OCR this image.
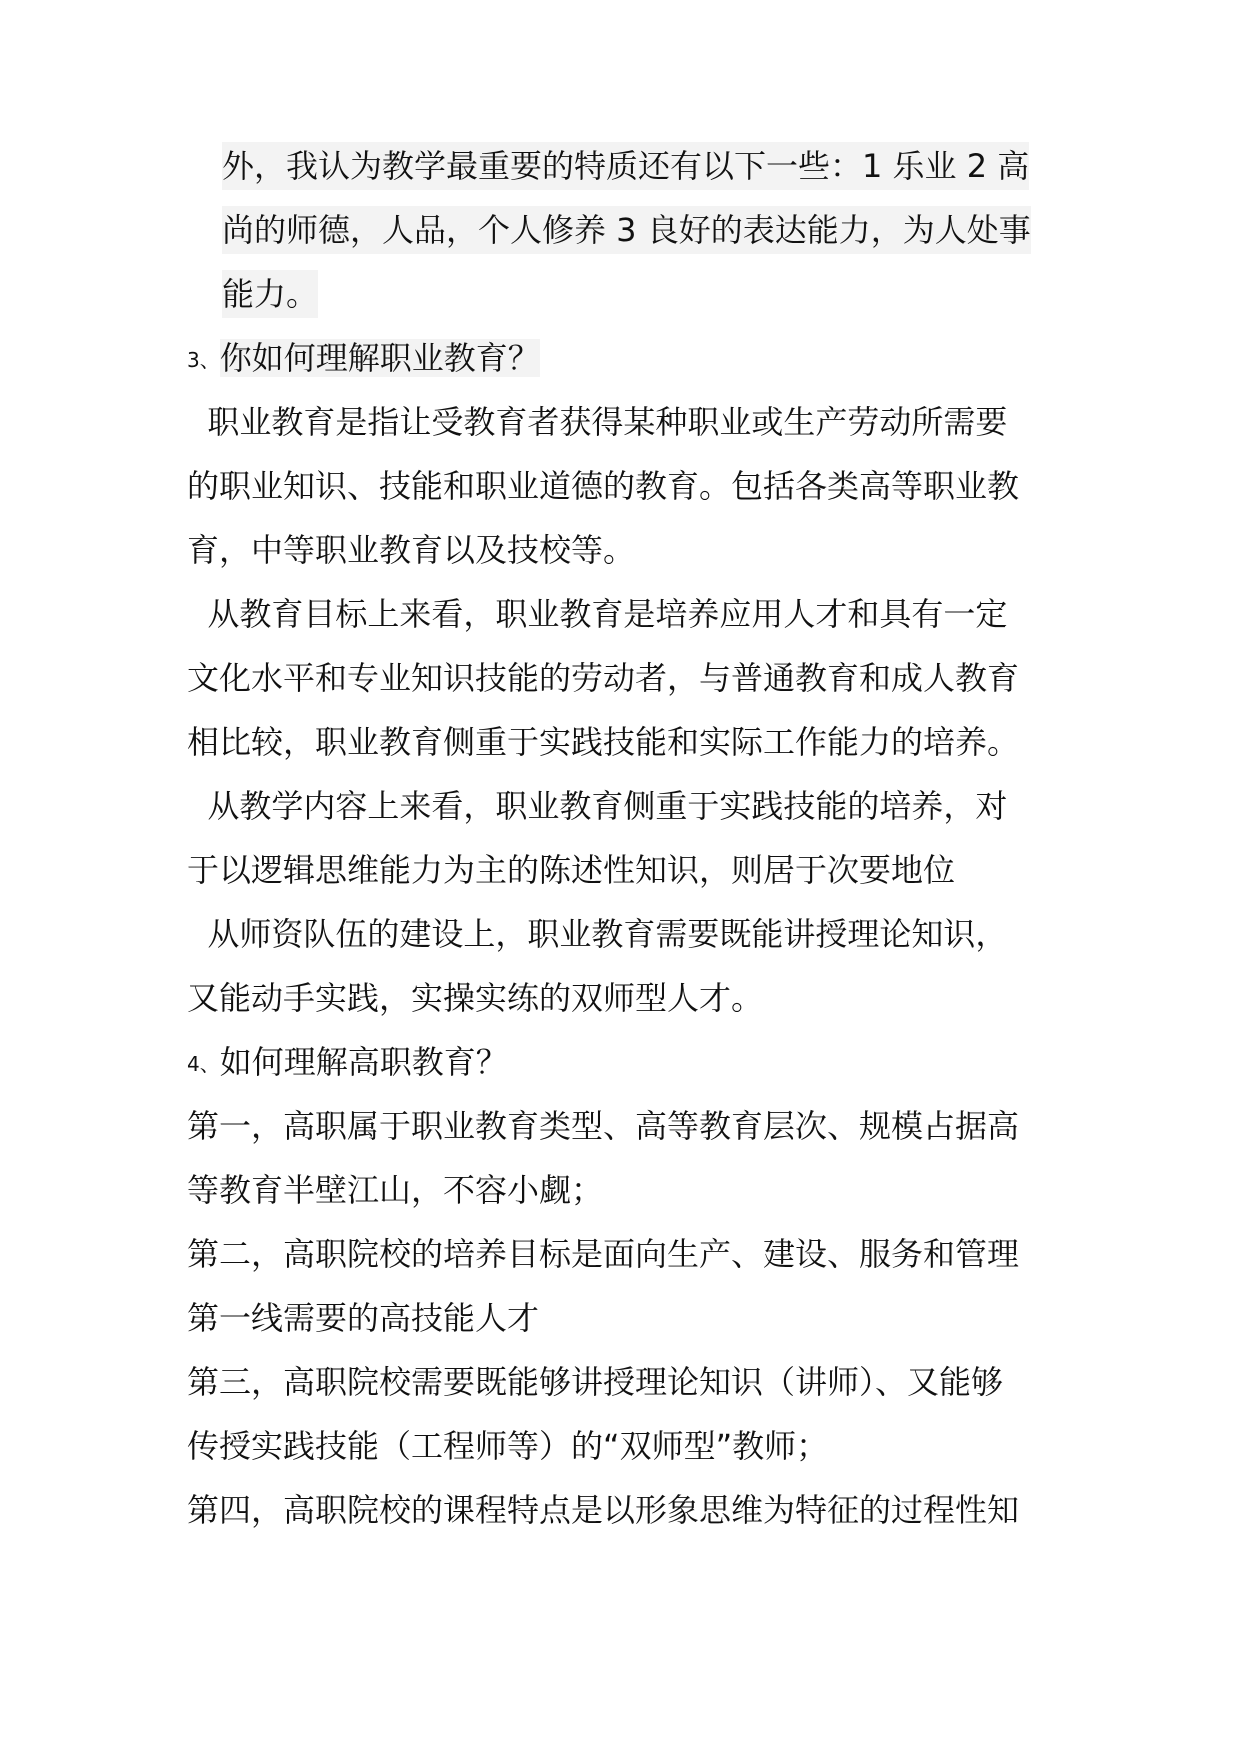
外，我认为教学最重要的特质还有以下一些：1 乐业 2 高
尚的师德，人品，个人修养 3 良好的表达能力，为人处事
能力。
3、你如何理解职业教育？
职业教育是指让受教育者获得某种职业或生产劳动所需要
的职业知识、技能和职业道德的教育。包括各类高等职业教
育，中等职业教育以及技校等。
从教育目标上来看，职业教育是培养应用人才和具有一定
文化水平和专业知识技能的劳动者，与普通教育和成人教育
相比较，职业教育侧重于实践技能和实际工作能力的培养。
从教学内容上来看，职业教育侧重于实践技能的培养，对
于以逻辑思维能力为主的陈述性知识，则居于次要地位
从师资队伍的建设上，职业教育需要既能讲授理论知识，
又能动手实践，实操实练的双师型人才。
4、如何理解高职教育？
第一，高职属于职业教育类型、高等教育层次、规模占据高
等教育半壁江山，不容小觑；
第二，高职院校的培养目标是面向生产、建设、服务和管理
第一线需要的高技能人才
第三，高职院校需要既能够讲授理论知识（讲师）、又能够
传授实践技能（工程师等）的“双师型”教师；
第四，高职院校的课程特点是以形象思维为特征的过程性知
